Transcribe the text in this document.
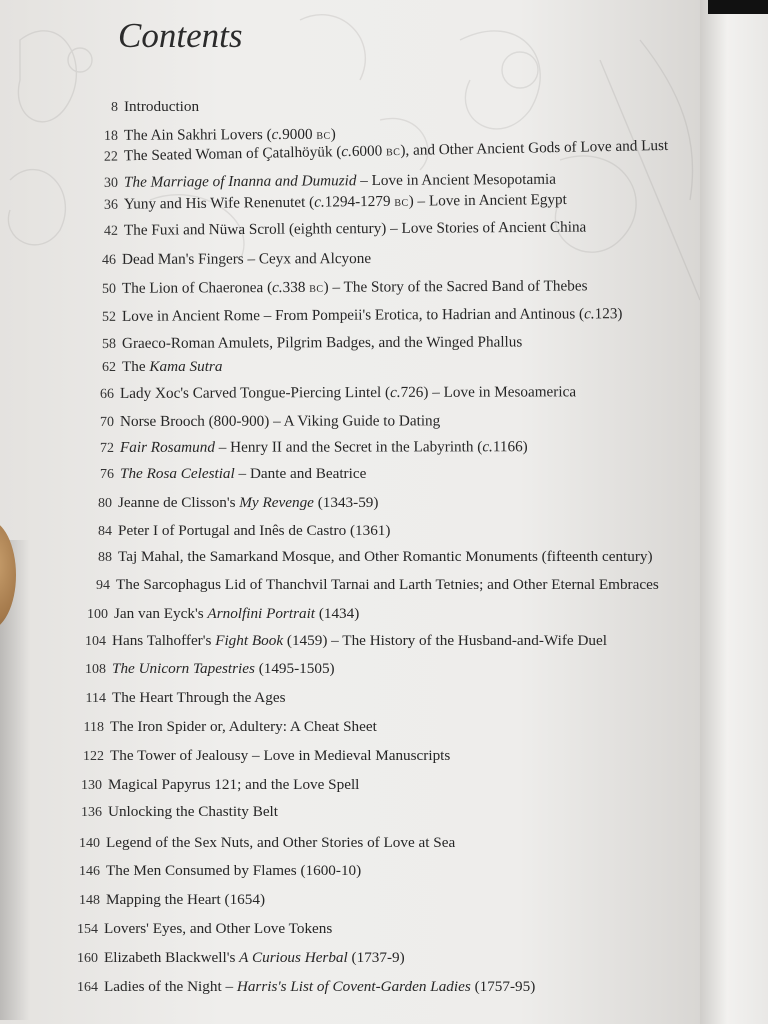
Contents
8 Introduction
18 The Ain Sakhri Lovers (c.9000 BC)
22 The Seated Woman of Çatalhöyük (c.6000 BC), and Other Ancient Gods of Love and Lust
30 The Marriage of Inanna and Dumuzid – Love in Ancient Mesopotamia
36 Yuny and His Wife Renenutet (c.1294-1279 BC) – Love in Ancient Egypt
42 The Fuxi and Nüwa Scroll (eighth century) – Love Stories of Ancient China
46 Dead Man's Fingers – Ceyx and Alcyone
50 The Lion of Chaeronea (c.338 BC) – The Story of the Sacred Band of Thebes
52 Love in Ancient Rome – From Pompeii's Erotica, to Hadrian and Antinous (c.123)
58 Graeco-Roman Amulets, Pilgrim Badges, and the Winged Phallus
62 The Kama Sutra
66 Lady Xoc's Carved Tongue-Piercing Lintel (c.726) – Love in Mesoamerica
70 Norse Brooch (800-900) – A Viking Guide to Dating
72 Fair Rosamund – Henry II and the Secret in the Labyrinth (c.1166)
76 The Rosa Celestial – Dante and Beatrice
80 Jeanne de Clisson's My Revenge (1343-59)
84 Peter I of Portugal and Inês de Castro (1361)
88 Taj Mahal, the Samarkand Mosque, and Other Romantic Monuments (fifteenth century)
94 The Sarcophagus Lid of Thanchvil Tarnai and Larth Tetnies; and Other Eternal Embraces
100 Jan van Eyck's Arnolfini Portrait (1434)
104 Hans Talhoffer's Fight Book (1459) – The History of the Husband-and-Wife Duel
108 The Unicorn Tapestries (1495-1505)
114 The Heart Through the Ages
118 The Iron Spider or, Adultery: A Cheat Sheet
122 The Tower of Jealousy – Love in Medieval Manuscripts
130 Magical Papyrus 121; and the Love Spell
136 Unlocking the Chastity Belt
140 Legend of the Sex Nuts, and Other Stories of Love at Sea
146 The Men Consumed by Flames (1600-10)
148 Mapping the Heart (1654)
154 Lovers' Eyes, and Other Love Tokens
160 Elizabeth Blackwell's A Curious Herbal (1737-9)
164 Ladies of the Night – Harris's List of Covent-Garden Ladies (1757-95)
